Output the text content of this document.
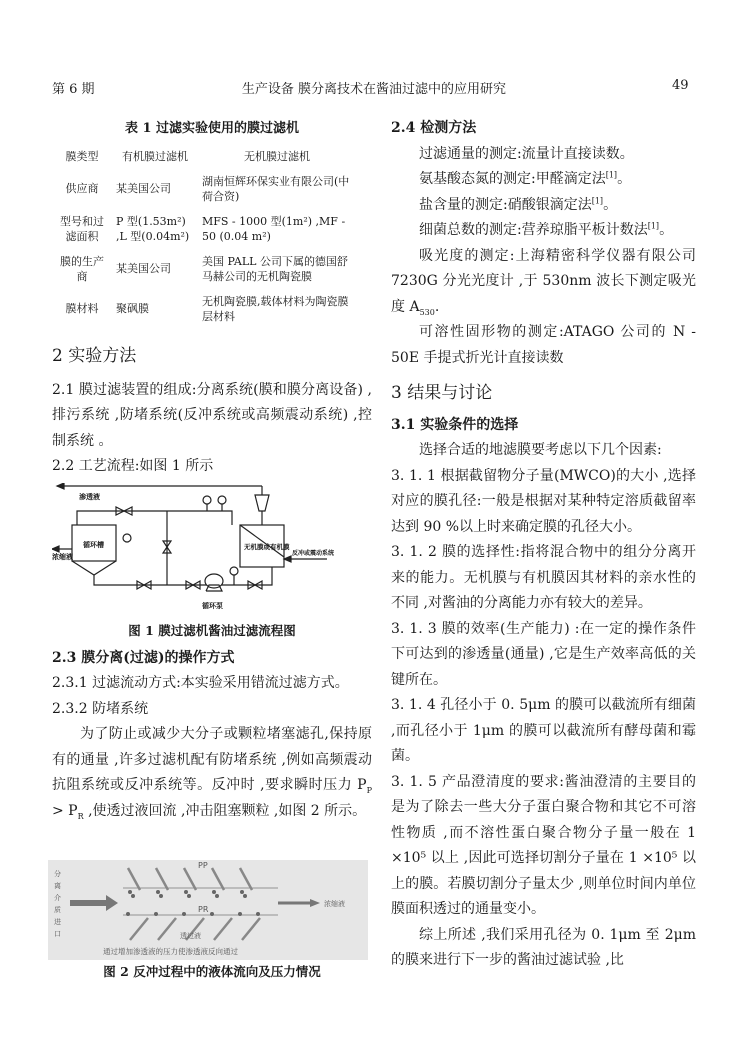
第 6 期	生产设备 膜分离技术在酱油过滤中的应用研究	49
表 1 过滤实验使用的膜过滤机
膜类型	有机膜过滤机	无机膜过滤机
供应商	某美国公司	湖南恒辉环保实业有限公司(中荷合资)
型号和过滤面积	P 型(1.53m²) ,L 型(0.04m²)	MFS - 1000 型(1m²) ,MF - 50 (0.04 m²)
膜的生产商	某美国公司	美国 PALL 公司下属的德国舒马赫公司的无机陶瓷膜
膜材料	聚砜膜	无机陶瓷膜,载体材料为陶瓷膜层材料

2 实验方法

2.1 膜过滤装置的组成:分离系统(膜和膜分离设备) ,排污系统 ,防堵系统(反冲系统或高频震动系统) ,控制系统 。

2.2 工艺流程:如图 1 所示

渗透液
循环槽
浓缩液
无机膜或有机膜
反冲或震动系统
循环泵
图 1 膜过滤机酱油过滤流程图

2.3 膜分离(过滤)的操作方式

2.3.1 过滤流动方式:本实验采用错流过滤方式。

2.3.2 防堵系统

为了防止或减少大分子或颗粒堵塞滤孔,保持原有的通量 ,许多过滤机配有防堵系统 ,例如高频震动抗阻系统或反冲系统等。反冲时 ,要求瞬时压力 $P_P > P_R$ ,使透过液回流 ,冲击阻塞颗粒 ,如图 2 所示。

分离介质进口
PP
PR
浓缩液
透过液
通过增加渗透液的压力使渗透液反向通过
图 2 反冲过程中的液体流向及压力情况

2.4 检测方法

过滤通量的测定:流量计直接读数。

氨基酸态氮的测定:甲醛滴定法[1]。

盐含量的测定:硝酸银滴定法[1]。

细菌总数的测定:营养琼脂平板计数法[1]。

吸光度的测定:上海精密科学仪器有限公司 7230G 分光光度计 ,于 530nm 波长下测定吸光度 $A_{530}$.

可溶性固形物的测定:ATAGO 公司的 N - 50E 手提式折光计直接读数

3 结果与讨论

3.1 实验条件的选择

选择合适的地滤膜要考虑以下几个因素:

3. 1. 1 根据截留物分子量(MWCO)的大小 ,选择对应的膜孔径:一般是根据对某种特定溶质截留率达到 90 %以上时来确定膜的孔径大小。

3. 1. 2 膜的选择性:指将混合物中的组分分离开来的能力。无机膜与有机膜因其材料的亲水性的不同 ,对酱油的分离能力亦有较大的差异。

3. 1. 3 膜的效率(生产能力) :在一定的操作条件下可达到的渗透量(通量) ,它是生产效率高低的关键所在。

3. 1. 4 孔径小于 0. 5μm 的膜可以截流所有细菌 ,而孔径小于 1μm 的膜可以截流所有酵母菌和霉菌。

3. 1. 5 产品澄清度的要求:酱油澄清的主要目的是为了除去一些大分子蛋白聚合物和其它不可溶性物质 ,而不溶性蛋白聚合物分子量一般在 1 ×10⁵ 以上 ,因此可选择切割分子量在 1 ×10⁵ 以上的膜。若膜切割分子量太少 ,则单位时间内单位膜面积透过的通量变小。

综上所述 ,我们采用孔径为 0. 1μm 至 2μm 的膜来进行下一步的酱油过滤试验 ,比
